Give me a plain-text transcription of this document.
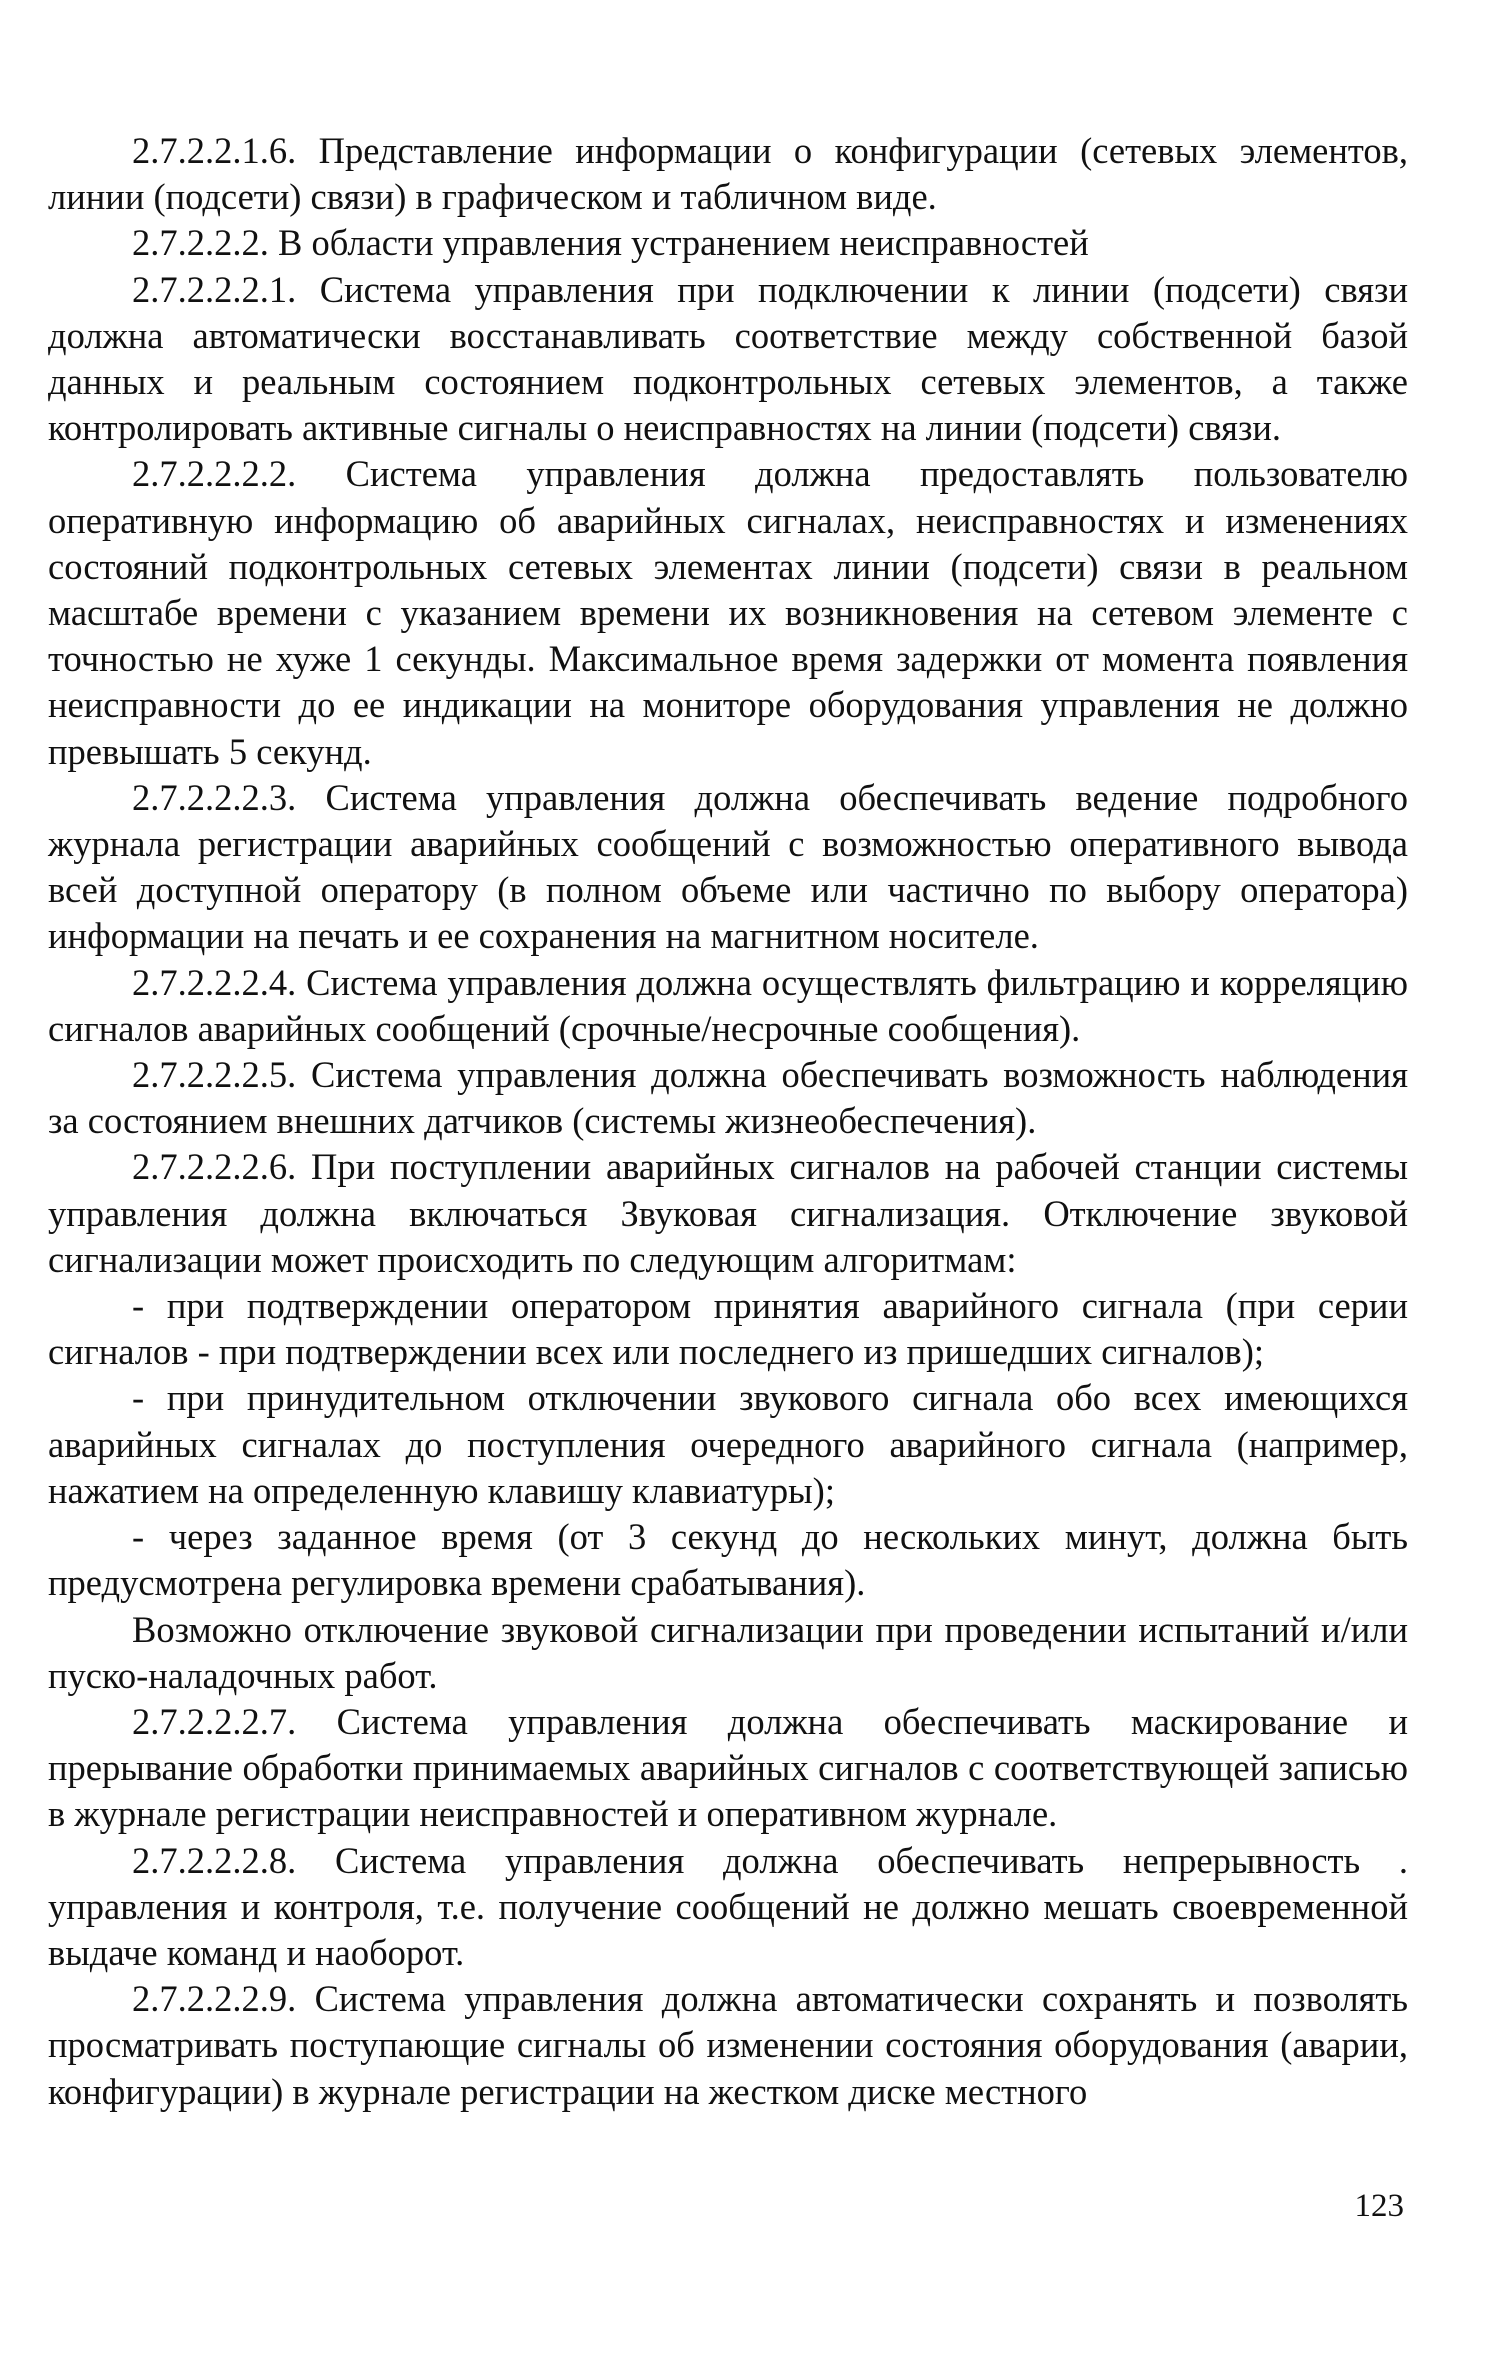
2.7.2.2.1.6. Представление информации о конфигурации (сетевых элементов, линии (подсети) связи) в графическом и табличном виде.

2.7.2.2.2. В области управления устранением неисправностей

2.7.2.2.2.1. Система управления при подключении к линии (подсети) связи должна автоматически восстанавливать соответствие между собственной базой данных и реальным состоянием подконтрольных сетевых элементов, а также контролировать активные сигналы о неисправностях на линии (подсети) связи.

2.7.2.2.2.2. Система управления должна предоставлять пользователю оперативную информацию об аварийных сигналах, неисправностях и изменениях состояний подконтрольных сетевых элементах линии (подсети) связи в реальном масштабе времени с указанием времени их возникновения на сетевом элементе с точностью не хуже 1 секунды. Максимальное время задержки от момента появления неисправности до ее индикации на мониторе оборудования управления не должно превышать 5 секунд.

2.7.2.2.2.3. Система управления должна обеспечивать ведение подробного журнала регистрации аварийных сообщений с возможностью оперативного вывода всей доступной оператору (в полном объеме или частично по выбору оператора) информации на печать и ее сохранения на магнитном носителе.

2.7.2.2.2.4. Система управления должна осуществлять фильтрацию и корреляцию сигналов аварийных сообщений (срочные/несрочные сообщения).

2.7.2.2.2.5. Система управления должна обеспечивать возможность наблюдения за состоянием внешних датчиков (системы жизнеобеспечения).

2.7.2.2.2.6. При поступлении аварийных сигналов на рабочей станции системы управления должна включаться Звуковая сигнализация. Отключение звуковой сигнализации может происходить по следующим алгоритмам:

- при подтверждении оператором принятия аварийного сигнала (при серии сигналов - при подтверждении всех или последнего из пришедших сигналов);

- при принудительном отключении звукового сигнала обо всех имеющихся аварийных сигналах до поступления очередного аварийного сигнала (например, нажатием на определенную клавишу клавиатуры);

- через заданное время (от 3 секунд до нескольких минут, должна быть предусмотрена регулировка времени срабатывания).

Возможно отключение звуковой сигнализации при проведении испытаний и/или пуско-наладочных работ.

2.7.2.2.2.7. Система управления должна обеспечивать маскирование и прерывание обработки принимаемых аварийных сигналов с соответствующей записью в журнале регистрации неисправностей и оперативном журнале.

2.7.2.2.2.8. Система управления должна обеспечивать непрерывность . управления и контроля, т.е. получение сообщений не должно мешать своевременной выдаче команд и наоборот.

2.7.2.2.2.9. Система управления должна автоматически сохранять и позволять просматривать поступающие сигналы об изменении состояния оборудования (аварии, конфигурации) в журнале регистрации на жестком диске местного

123
